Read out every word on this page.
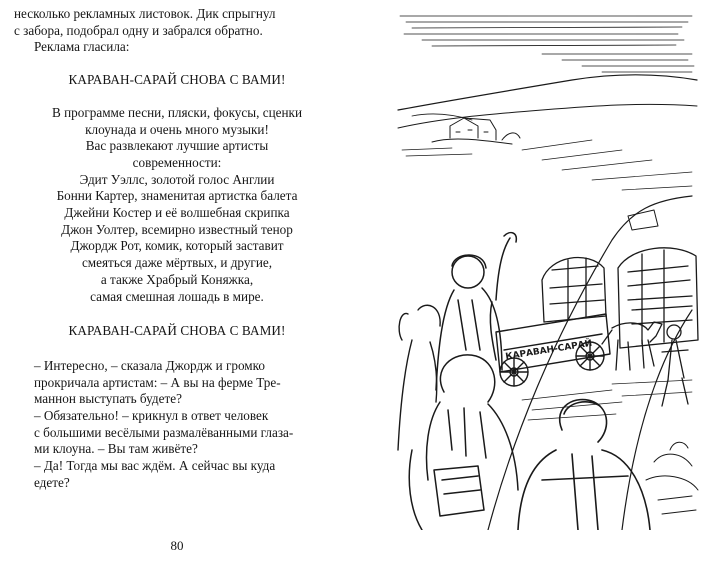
несколько рекламных листовок. Дик спрыгнул
с забора, подобрал одну и забрался обратно.

Реклама гласила:

КАРАВАН-САРАЙ СНОВА С ВАМИ!

В программе песни, пляски, фокусы, сценки
клоунада и очень много музыки!
Вас развлекают лучшие артисты
современности:
Эдит Уэллс, золотой голос Англии
Бонни Картер, знаменитая артистка балета
Джейни Костер и её волшебная скрипка
Джон Уолтер, всемирно известный тенор
Джордж Рот, комик, который заставит
смеяться даже мёртвых, и другие,
а также Храбрый Коняжка,
самая смешная лошадь в мире.

КАРАВАН-САРАЙ СНОВА С ВАМИ!

– Интересно, – сказала Джордж и громко
прокричала артистам: – А вы на ферме Тре-
маннон выступать будете?

– Обязательно! – крикнул в ответ человек
с большими весёлыми размалёванными глаза-
ми клоуна. – Вы там живёте?

– Да! Тогда мы вас ждём. А сейчас вы куда
едете?

80
КАРАВАН-САРАЙ
